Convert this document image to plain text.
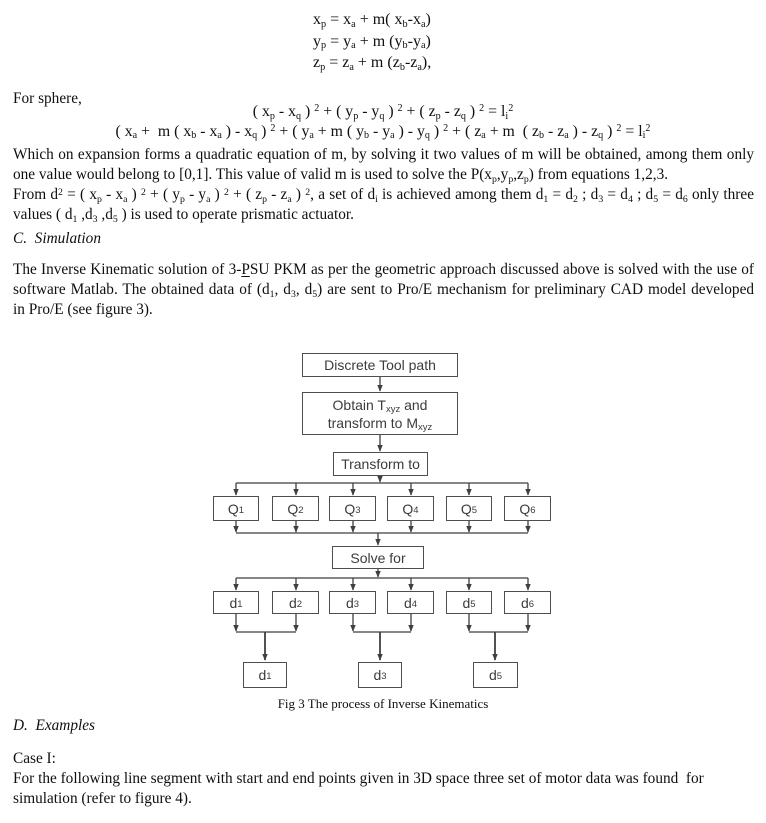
$x_p = x_a + m$( $x_b-x_a$)
$y_p = y_a + m$ $(y_b-y_a)$
$z_p = z_a + m$ $(z_b-z_a)$,
For sphere,
( $x_p - x_q$ ) $^2$ + ( $y_p - y_q$ ) $^2$ + ( $z_p - z_q$ ) $^2 = l_i^2$
( $x_a + m$ ( $x_b - x_a$ ) - $x_q$ ) $^2$ + ( $y_a + m$ ( $y_b - y_a$ ) - $y_q$ ) $^2$ + ( $z_a + m$  ( $z_b - z_a$ ) - $z_q$ ) $^2 = l_i^2$
Which on expansion forms a quadratic equation of m, by solving it two values of m will be obtained, among them only
one value would belong to [0,1]. This value of valid m is used to solve the $P(x_p,y_p,z_p)$ from equations 1,2,3.
From $d^2$ = ( $x_p - x_a$ ) $^2$ + ( $y_p - y_a$ ) $^2$ + ( $z_p - z_a$ ) $^2$, a set of $d_i$ is achieved among them $d_1 = d_2$ ; $d_3 = d_4$ ; $d_5 = d_6$ only three
values ( $d_1$ $,d_3$ $,d_5$ ) is used to operate prismatic actuator.
C.  Simulation
The Inverse Kinematic solution of 3-PSU PKM as per the geometric approach discussed above is solved with the use of
software Matlab. The obtained data of ($d_1$, $d_3$, $d_5$) are sent to Pro/E mechanism for preliminary CAD model developed
in Pro/E (see figure 3).
Discrete Tool path
Obtain $T_{xyz}$ and
transform to $M_{xyz}$
Transform to
$Q_1$	$Q_2$	$Q_3$	$Q_4$	$Q_5$	$Q_6$
Solve for
$d_1$	$d_2$	$d_3$	$d_4$	$d_5$	$d_6$
$d_1$	$d_3$	$d_5$
Fig 3 The process of Inverse Kinematics
D.  Examples
Case I:
For the following line segment with start and end points given in 3D space three set of motor data was found  for
simulation (refer to figure 4).
